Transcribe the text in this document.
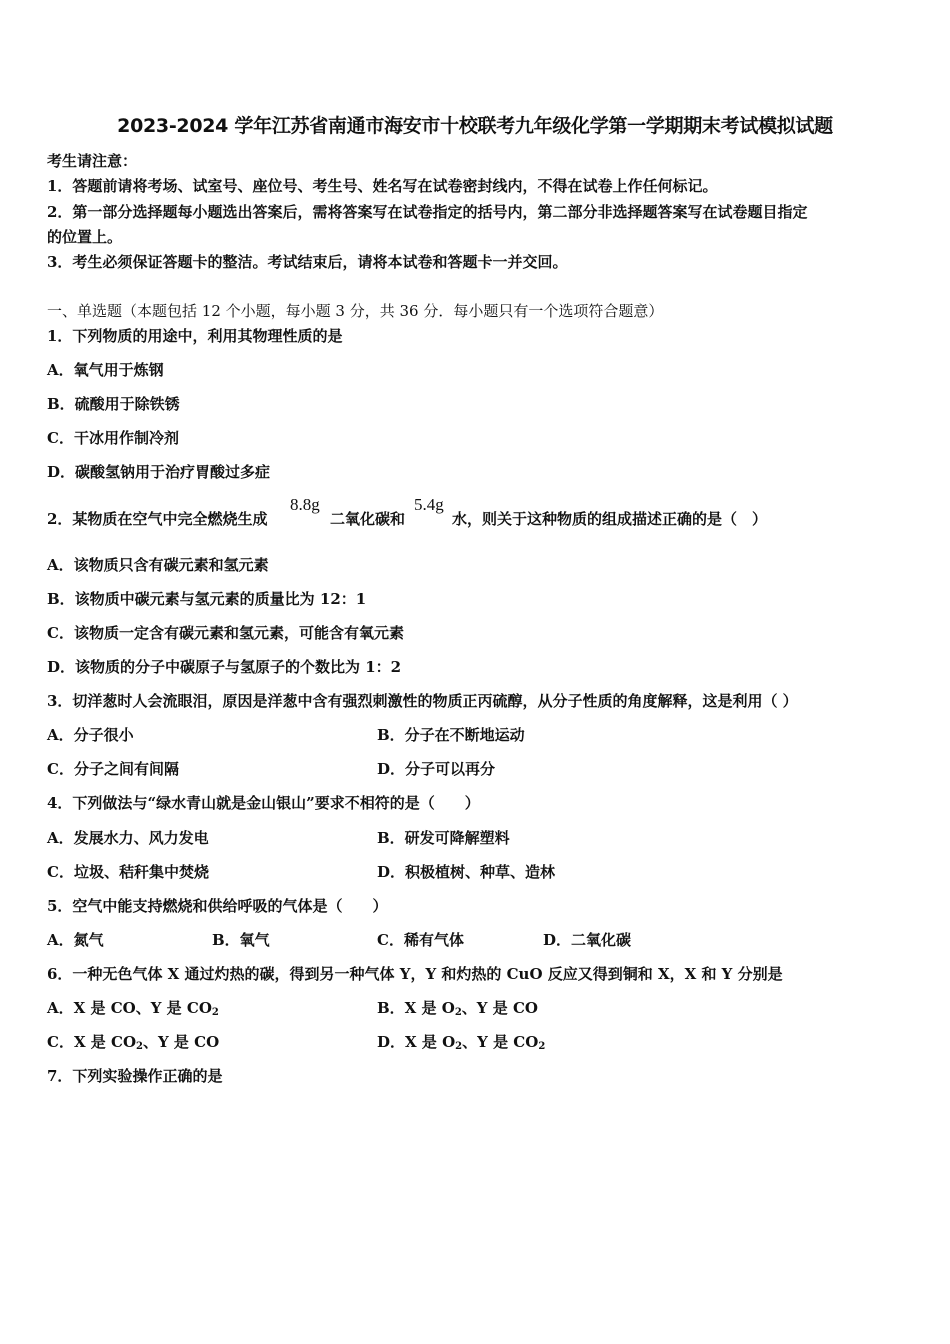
2023-2024 学年江苏省南通市海安市十校联考九年级化学第一学期期末考试模拟试题
考生请注意：
1．答题前请将考场、试室号、座位号、考生号、姓名写在试卷密封线内，不得在试卷上作任何标记。
2．第一部分选择题每小题选出答案后，需将答案写在试卷指定的括号内，第二部分非选择题答案写在试卷题目指定
的位置上。
3．考生必须保证答题卡的整洁。考试结束后，请将本试卷和答题卡一并交回。
一、单选题（本题包括 12 个小题，每小题 3 分，共 36 分．每小题只有一个选项符合题意）
1．下列物质的用途中，利用其物理性质的是
A．氧气用于炼钢
B．硫酸用于除铁锈
C．干冰用作制冷剂
D．碳酸氢钠用于治疗胃酸过多症
2．某物质在空气中完全燃烧生成
8.8g
二氧化碳和
5.4g
水，则关于这种物质的组成描述正确的是（　）
A．该物质只含有碳元素和氢元素
B．该物质中碳元素与氢元素的质量比为 12：1
C．该物质一定含有碳元素和氢元素，可能含有氧元素
D．该物质的分子中碳原子与氢原子的个数比为 1：2
3．切洋葱时人会流眼泪，原因是洋葱中含有强烈刺激性的物质正丙硫醇，从分子性质的角度解释，这是利用（ ）
A．分子很小	B．分子在不断地运动
C．分子之间有间隔	D．分子可以再分
4．下列做法与“绿水青山就是金山银山”要求不相符的是（　　）
A．发展水力、风力发电	B．研发可降解塑料
C．垃圾、秸秆集中焚烧	D．积极植树、种草、造林
5．空气中能支持燃烧和供给呼吸的气体是（　　）
A．氮气	B．氧气	C．稀有气体	D．二氧化碳
6．一种无色气体 X 通过灼热的碳，得到另一种气体 Y，Y 和灼热的 CuO 反应又得到铜和 X，X 和 Y 分别是
A．X 是 CO、Y 是 $CO_2$	B．X 是 $O_2$、Y 是 CO
C．X 是 $CO_2$、Y 是 CO	D．X 是 $O_2$、Y 是 $CO_2$
7．下列实验操作正确的是
